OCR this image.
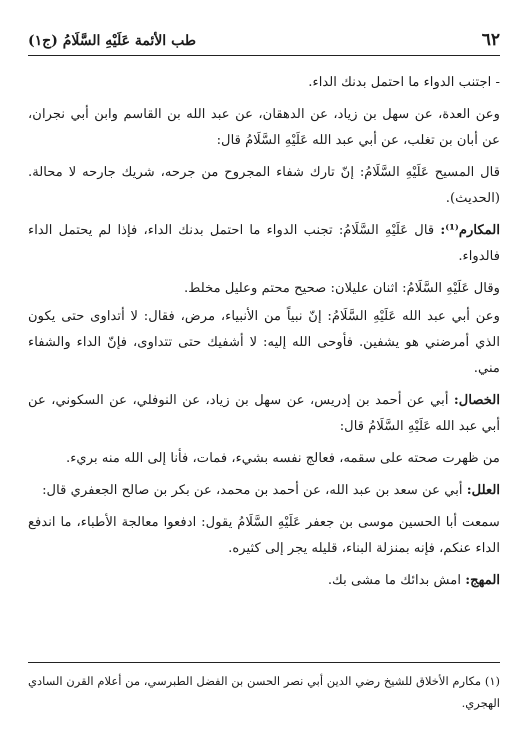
٦٢
طب الأئمة عَلَيْهِ السَّلَامُ (ج١)

- اجتنب الدواء ما احتمل بدنك الداء.

وعن العدة، عن سهل بن زياد، عن الدهقان، عن عبد الله بن القاسم وابن أبي نجران، عن أبان بن تغلب، عن أبي عبد الله عَلَيْهِ السَّلَامُ قال:

قال المسيح عَلَيْهِ السَّلَامُ: إنّ تارك شفاء المجروح من جرحه، شريك جارحه لا محالة. (الحديث).

المكارم⁽¹⁾: قال عَلَيْهِ السَّلَامُ: تجنب الدواء ما احتمل بدنك الداء، فإذا لم يحتمل الداء فالدواء.

وقال عَلَيْهِ السَّلَامُ: اثنان عليلان: صحيح محتم وعليل مخلط.

وعن أبي عبد الله عَلَيْهِ السَّلَامُ: إنّ نبياً من الأنبياء، مرض، فقال: لا أتداوى حتى يكون الذي أمرضني هو يشفين. فأوحى الله إليه: لا أشفيك حتى تتداوى، فإنّ الداء والشفاء مني.

الخصال: أبي عن أحمد بن إدريس، عن سهل بن زياد، عن النوفلي، عن السكوني، عن أبي عبد الله عَلَيْهِ السَّلَامُ قال:

من ظهرت صحته على سقمه، فعالج نفسه بشيء، فمات، فأنا إلى الله منه بريء.

العلل: أبي عن سعد بن عبد الله، عن أحمد بن محمد، عن بكر بن صالح الجعفري قال:

سمعت أبا الحسين موسى بن جعفر عَلَيْهِ السَّلَامُ يقول: ادفعوا معالجة الأطباء، ما اندفع الداء عنكم، فإنه بمنزلة البناء، قليله يجر إلى كثيره.

المهج: امش بدائك ما مشى بك.

(١) مكارم الأخلاق للشيخ رضي الدين أبي نصر الحسن بن الفضل الطبرسي، من أعلام القرن السادي الهجري.
